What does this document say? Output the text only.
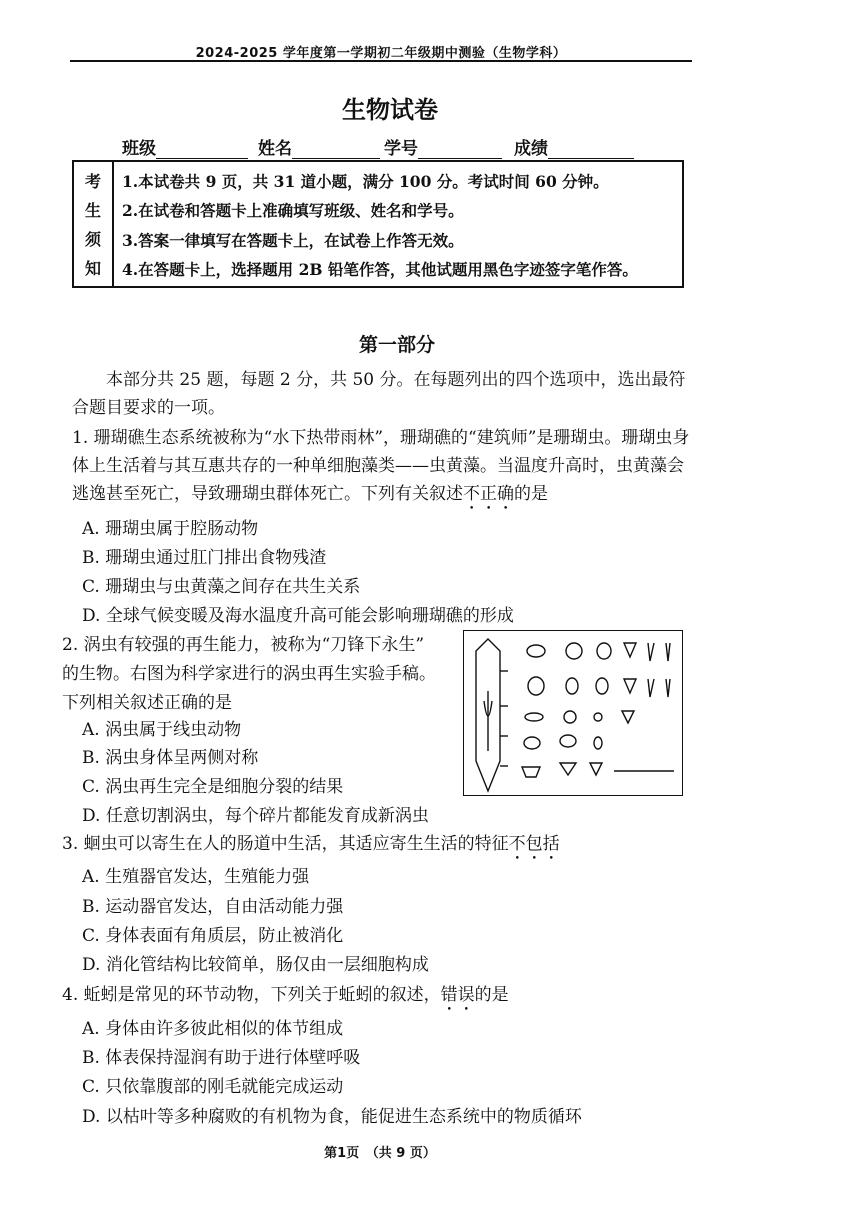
2024-2025 学年度第一学期初二年级期中测验（生物学科）
生物试卷
班级	姓名	学号	成绩
考
生
须
知
1.本试卷共 9 页，共 31 道小题，满分 100 分。考试时间 60 分钟。
2.在试卷和答题卡上准确填写班级、姓名和学号。
3.答案一律填写在答题卡上，在试卷上作答无效。
4.在答题卡上，选择题用 2B 铅笔作答，其他试题用黑色字迹签字笔作答。
第一部分
本部分共 25 题，每题 2 分，共 50 分。在每题列出的四个选项中，选出最符合题目要求的一项。
1. 珊瑚礁生态系统被称为“水下热带雨林”，珊瑚礁的“建筑师”是珊瑚虫。珊瑚虫身体上生活着与其互惠共存的一种单细胞藻类——虫黄藻。当温度升高时，虫黄藻会逃逸甚至死亡，导致珊瑚虫群体死亡。下列有关叙述不正确的是
A. 珊瑚虫属于腔肠动物
B. 珊瑚虫通过肛门排出食物残渣
C. 珊瑚虫与虫黄藻之间存在共生关系
D. 全球气候变暖及海水温度升高可能会影响珊瑚礁的形成
2. 涡虫有较强的再生能力，被称为“刀锋下永生”
的生物。右图为科学家进行的涡虫再生实验手稿。
下列相关叙述正确的是
A. 涡虫属于线虫动物
B. 涡虫身体呈两侧对称
C. 涡虫再生完全是细胞分裂的结果
D. 任意切割涡虫，每个碎片都能发育成新涡虫
3. 蛔虫可以寄生在人的肠道中生活，其适应寄生生活的特征不包括
A. 生殖器官发达，生殖能力强
B. 运动器官发达，自由活动能力强
C. 身体表面有角质层，防止被消化
D. 消化管结构比较简单，肠仅由一层细胞构成
4. 蚯蚓是常见的环节动物，下列关于蚯蚓的叙述，错误的是
A. 身体由许多彼此相似的体节组成
B. 体表保持湿润有助于进行体壁呼吸
C. 只依靠腹部的刚毛就能完成运动
D. 以枯叶等多种腐败的有机物为食，能促进生态系统中的物质循环
第1页　（共 9 页）
